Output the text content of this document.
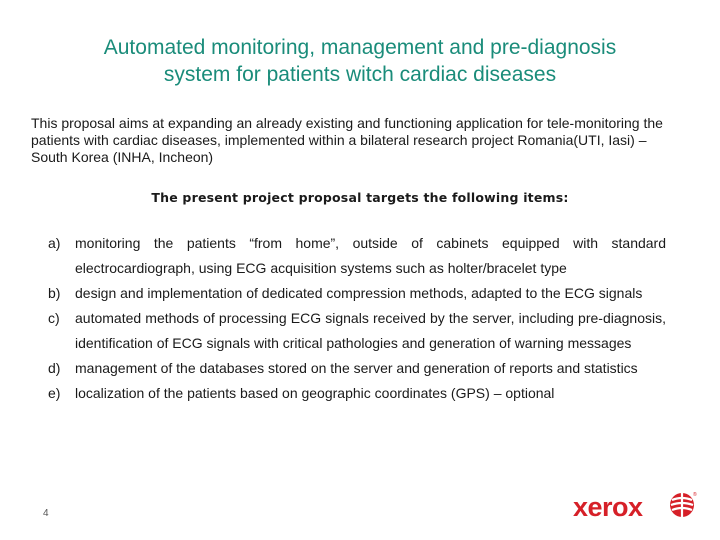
Automated monitoring, management and pre-diagnosis
system for patients witch cardiac diseases
This proposal aims at expanding an already existing and functioning application for tele-monitoring the patients with cardiac diseases, implemented within a bilateral research project Romania(UTI, Iasi) – South Korea (INHA, Incheon)
The present project proposal targets the following items:
a) monitoring the patients “from home”, outside of cabinets equipped with standard electrocardiograph, using ECG acquisition systems such as holter/bracelet type
b) design and implementation of dedicated compression methods, adapted to the ECG signals
c) automated methods of processing ECG signals received by the server, including pre-diagnosis, identification of ECG signals with critical pathologies and generation of warning messages
d) management of the databases stored on the server and generation of reports and statistics
e) localization of the patients based on geographic coordinates (GPS) – optional
4	xerox	®
